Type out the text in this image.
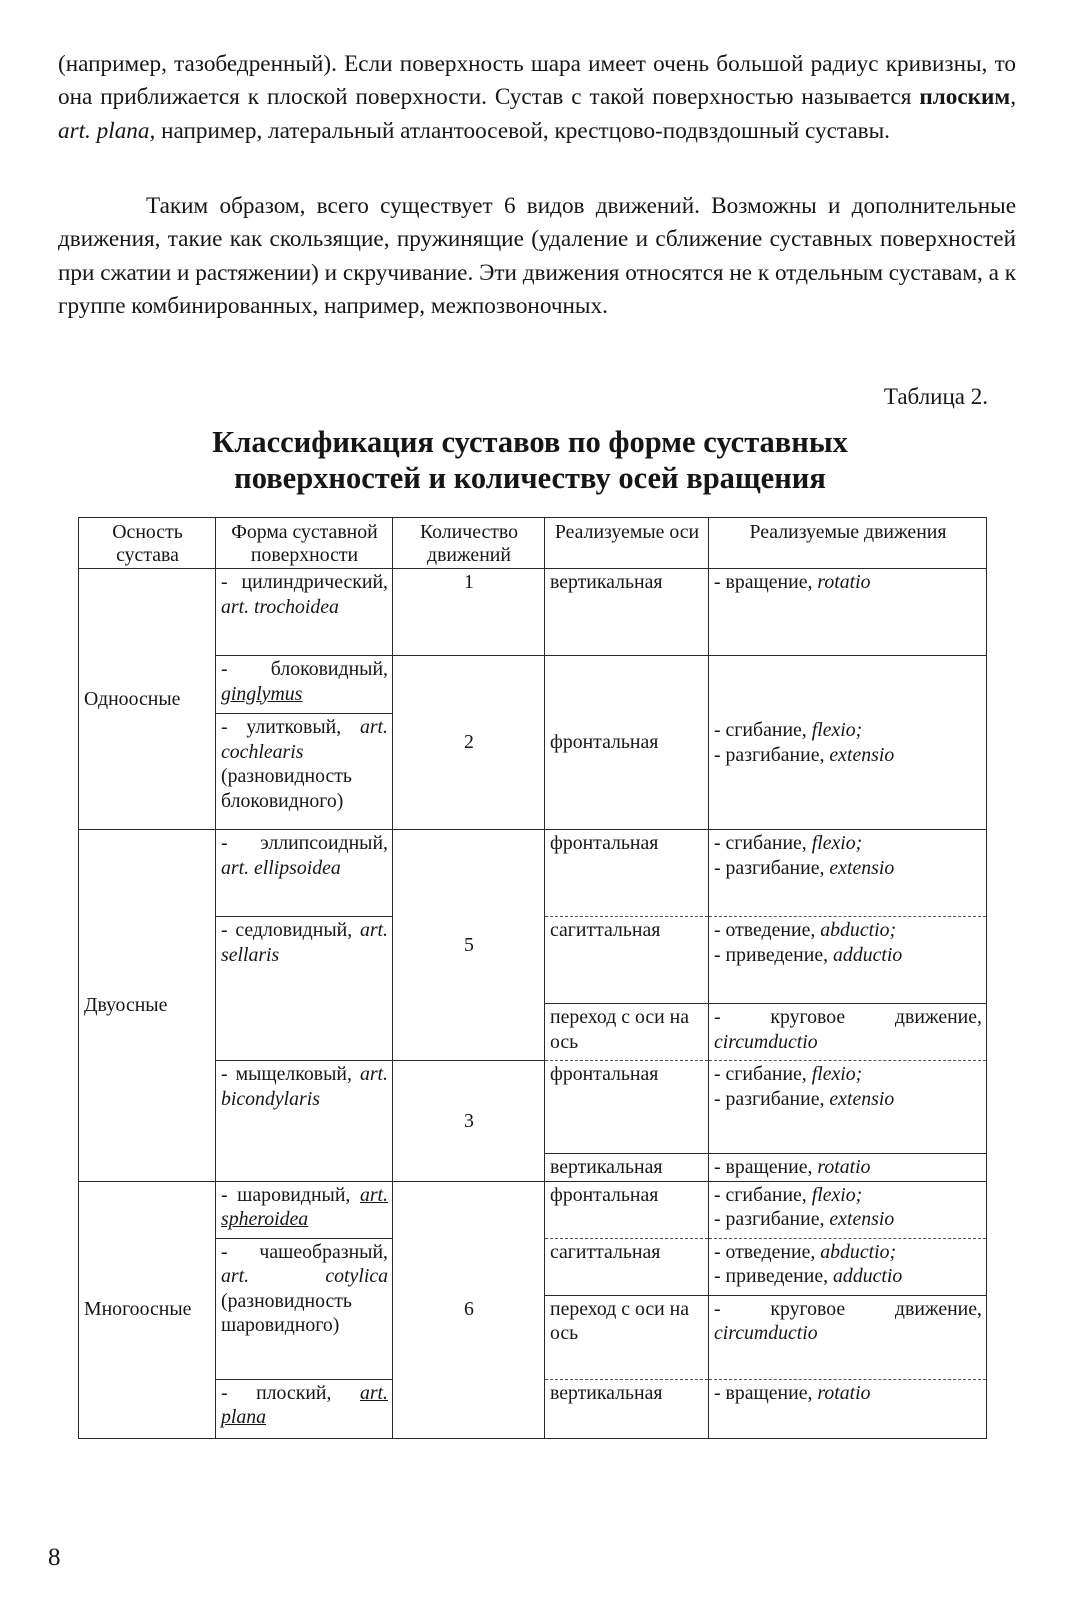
(например, тазобедренный). Если поверхность шара имеет очень большой радиус кривизны, то она приближается к плоской поверхности. Сустав с такой поверхностью называется плоским, art. plana, например, латеральный атлантоосевой, крестцово-подвздошный суставы.

Таким образом, всего существует 6 видов движений. Возможны и дополнительные движения, такие как скользящие, пружинящие (удаление и сближение суставных поверхностей при сжатии и растяжении) и скручивание. Эти движения относятся не к отдельным суставам, а к группе комбинированных, например, межпозвоночных.

Таблица 2.

Классификация суставов по форме суставных
поверхностей и количеству осей вращения
Осность сустава	Форма суставной поверхности	Количество движений	Реализуемые оси	Реализуемые движения
Одноосные	- цилиндрический, art. trochoidea	1	вертикальная	- вращение, rotatio
	- блоковидный, ginglymus	2	фронтальная	- сгибание, flexio;
- разгибание, extensio

	- улитковый, art. cochlearis (разновидность блоковидного)			
Двуосные	- эллипсоидный, art. ellipsoidea	5	фронтальная	- сгибание, flexio;
- разгибание, extensio

	- седловидный, art. sellaris		сагиттальная	- отведение, abductio;
- приведение, adductio

			переход с оси на ось	- круговое движение, circumductio
	- мыщелковый, art. bicondylaris	3	фронтальная	- сгибание, flexio;
- разгибание, extensio

			вертикальная	- вращение, rotatio
Многоосные	- шаровидный, art. spheroidea	6	фронтальная	- сгибание, flexio;
- разгибание, extensio

	- чашеобразный, art. cotylica (разновидность шаровидного)		сагиттальная	- отведение, abductio;
- приведение, adductio

			переход с оси на ось	- круговое движение, circumductio
	- плоский, art. plana		вертикальная	- вращение, rotatio

8
